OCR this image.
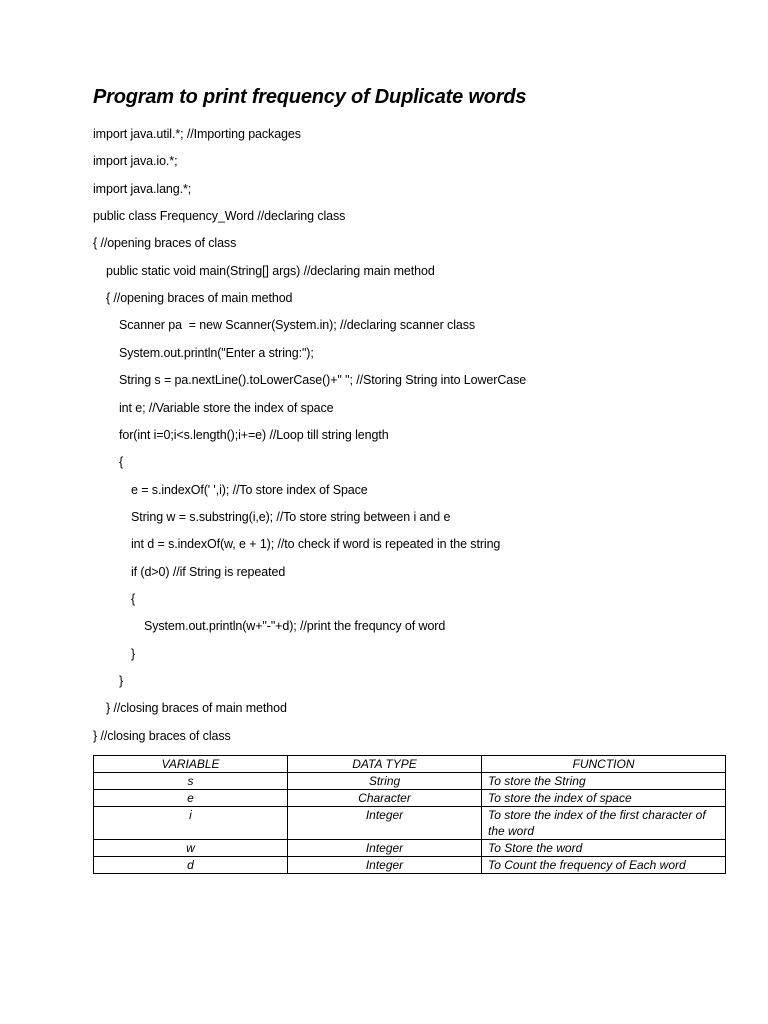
Program to print frequency of Duplicate words
import java.util.*; //Importing packages
import java.io.*;
import java.lang.*;
public class Frequency_Word //declaring class
{ //opening braces of class
public static void main(String[] args) //declaring main method
{ //opening braces of main method
Scanner pa  = new Scanner(System.in); //declaring scanner class
System.out.println("Enter a string:");
String s = pa.nextLine().toLowerCase()+" "; //Storing String into LowerCase
int e; //Variable store the index of space
for(int i=0;i<s.length();i+=e) //Loop till string length
{
e = s.indexOf(' ',i); //To store index of Space
String w = s.substring(i,e); //To store string between i and e
int d = s.indexOf(w, e + 1); //to check if word is repeated in the string
if (d>0) //if String is repeated
{
System.out.println(w+"-"+d); //print the frequncy of word
}
}
} //closing braces of main method
} //closing braces of class
VARIABLE	DATA TYPE	FUNCTION
s	String	To store the String
e	Character	To store the index of space
i	Integer	To store the index of the first character of the word
w	Integer	To Store the word
d	Integer	To Count the frequency of Each word
